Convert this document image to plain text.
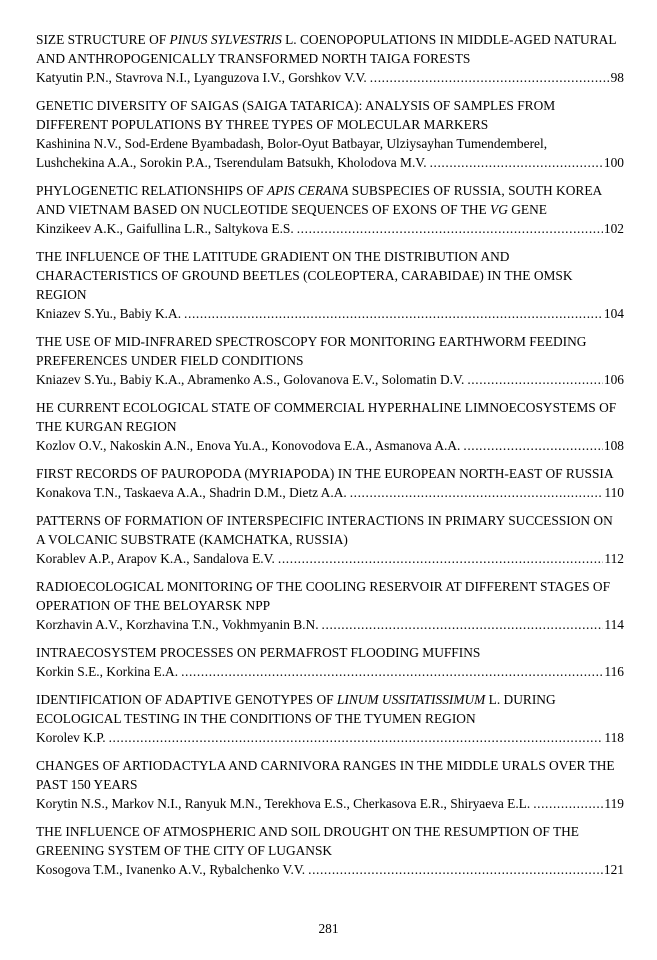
SIZE STRUCTURE OF PINUS SYLVESTRIS L. COENOPOPULATIONS IN MIDDLE-AGED NATURAL AND ANTHROPOGENICALLY TRANSFORMED NORTH TAIGA FORESTS
Katyutin P.N., Stavrova N.I., Lyanguzova I.V., Gorshkov V.V. .....	98
GENETIC DIVERSITY OF SAIGAS (SAIGA TATARICA): ANALYSIS OF SAMPLES FROM DIFFERENT POPULATIONS BY THREE TYPES OF MOLECULAR MARKERS
Kashinina N.V., Sod-Erdene Byambadash, Bolor-Oyut Batbayar, Ulziysayhan Tumendemberel,
Lushchekina A.A., Sorokin P.A., Tserendulam Batsukh, Kholodova M.V. .....	100
PHYLOGENETIC RELATIONSHIPS OF APIS CERANA SUBSPECIES OF RUSSIA, SOUTH KOREA AND VIETNAM BASED ON NUCLEOTIDE SEQUENCES OF EXONS OF THE VG GENE
Kinzikeev A.K., Gaifullina L.R., Saltykova E.S. .....	102
THE INFLUENCE OF THE LATITUDE GRADIENT ON THE DISTRIBUTION AND CHARACTERISTICS OF GROUND BEETLES (COLEOPTERA, CARABIDAE) IN THE OMSK REGION
Kniazev S.Yu., Babiy K.A. .....	104
THE USE OF MID-INFRARED SPECTROSCOPY FOR MONITORING EARTHWORM FEEDING PREFERENCES UNDER FIELD CONDITIONS
Kniazev S.Yu., Babiy K.A., Abramenko A.S., Golovanova E.V., Solomatin D.V. .....	106
HE CURRENT ECOLOGICAL STATE OF COMMERCIAL HYPERHALINE LIMNOECOSYSTEMS OF THE KURGAN REGION
Kozlov O.V., Nakoskin A.N., Enova Yu.A., Konovodova E.A., Asmanova A.A. .....	108
FIRST RECORDS OF PAUROPODA (MYRIAPODA) IN THE EUROPEAN NORTH-EAST OF RUSSIA
Konakova T.N., Taskaeva A.A., Shadrin D.M., Dietz A.A. .....	110
PATTERNS OF FORMATION OF INTERSPECIFIC INTERACTIONS IN PRIMARY SUCCESSION ON A VOLCANIC SUBSTRATE (KAMCHATKA, RUSSIA)
Korablev A.P., Arapov K.A., Sandalova E.V. .....	112
RADIOECOLOGICAL MONITORING OF THE COOLING RESERVOIR AT DIFFERENT STAGES OF OPERATION OF THE BELOYARSK NPP
Korzhavin A.V., Korzhavina T.N., Vokhmyanin B.N. .....	114
INTRAECOSYSTEM PROCESSES ON PERMAFROST FLOODING MUFFINS
Korkin S.E., Korkina E.A. .....	116
IDENTIFICATION OF ADAPTIVE GENOTYPES OF LINUM USSITATISSIMUM L. DURING ECOLOGICAL TESTING IN THE CONDITIONS OF THE TYUMEN REGION
Korolev K.P. .....	118
CHANGES OF ARTIODACTYLA AND CARNIVORA RANGES IN THE MIDDLE URALS OVER THE PAST 150 YEARS
Korytin N.S., Markov N.I., Ranyuk M.N., Terekhova E.S., Cherkasova E.R., Shiryaeva E.L. .....	119
THE INFLUENCE OF ATMOSPHERIC AND SOIL DROUGHT ON THE RESUMPTION OF THE GREENING SYSTEM OF THE CITY OF LUGANSK
Kosogova T.M., Ivanenko A.V., Rybalchenko V.V. .....	121
281
